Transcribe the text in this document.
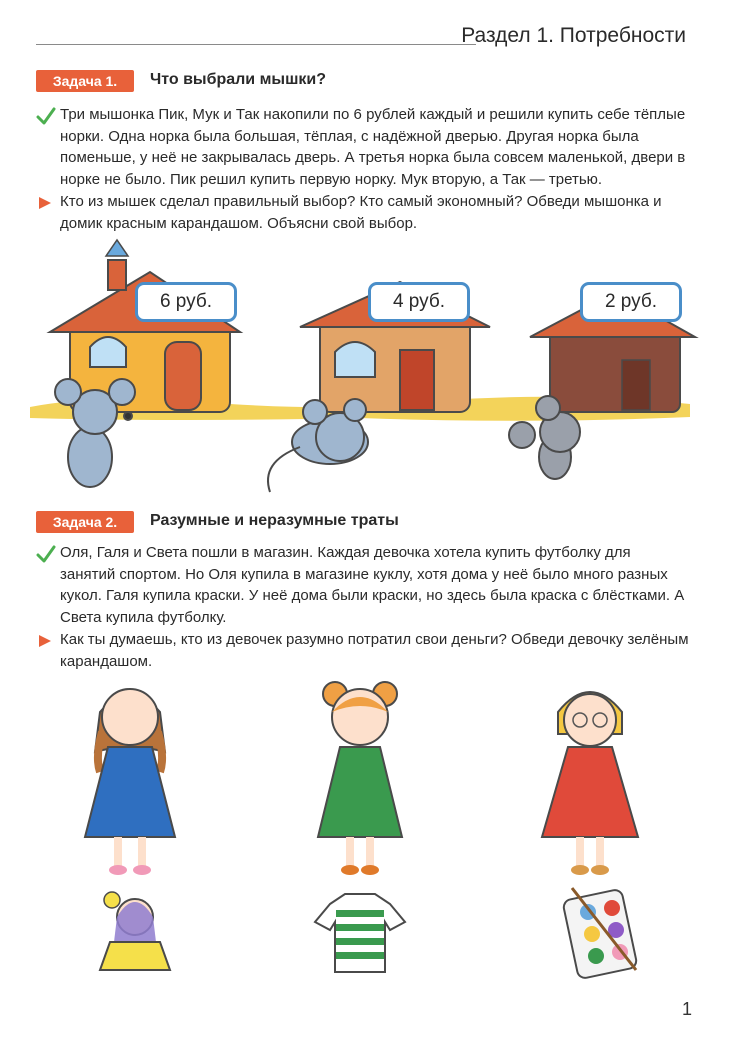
Раздел 1. Потребности
Задача 1.	Что выбрали мышки?
Три мышонка Пик, Мук и Так накопили по 6 рублей каждый и решили купить себе тёплые норки. Одна норка была большая, тёплая, с надёжной дверью. Другая норка была поменьше, у неё не закрывалась дверь. А третья норка была совсем маленькой, двери в норке не было. Пик решил купить первую норку. Мук вторую, а Так — третью.
Кто из мышек сделал правильный выбор? Кто самый экономный? Обведи мышонка и домик красным карандашом. Объясни свой выбор.
6 руб.	4 руб.	2 руб.
Задача 2.	Разумные и неразумные траты
Оля, Галя и Света пошли в магазин. Каждая девочка хотела купить футболку для занятий спортом. Но Оля купила в магазине куклу, хотя дома у неё было много разных кукол. Галя купила краски. У неё дома были краски, но здесь была краска с блёстками. А Света купила футболку.
Как ты думаешь, кто из девочек разумно потратил свои деньги? Обведи девочку зелёным карандашом.
1
